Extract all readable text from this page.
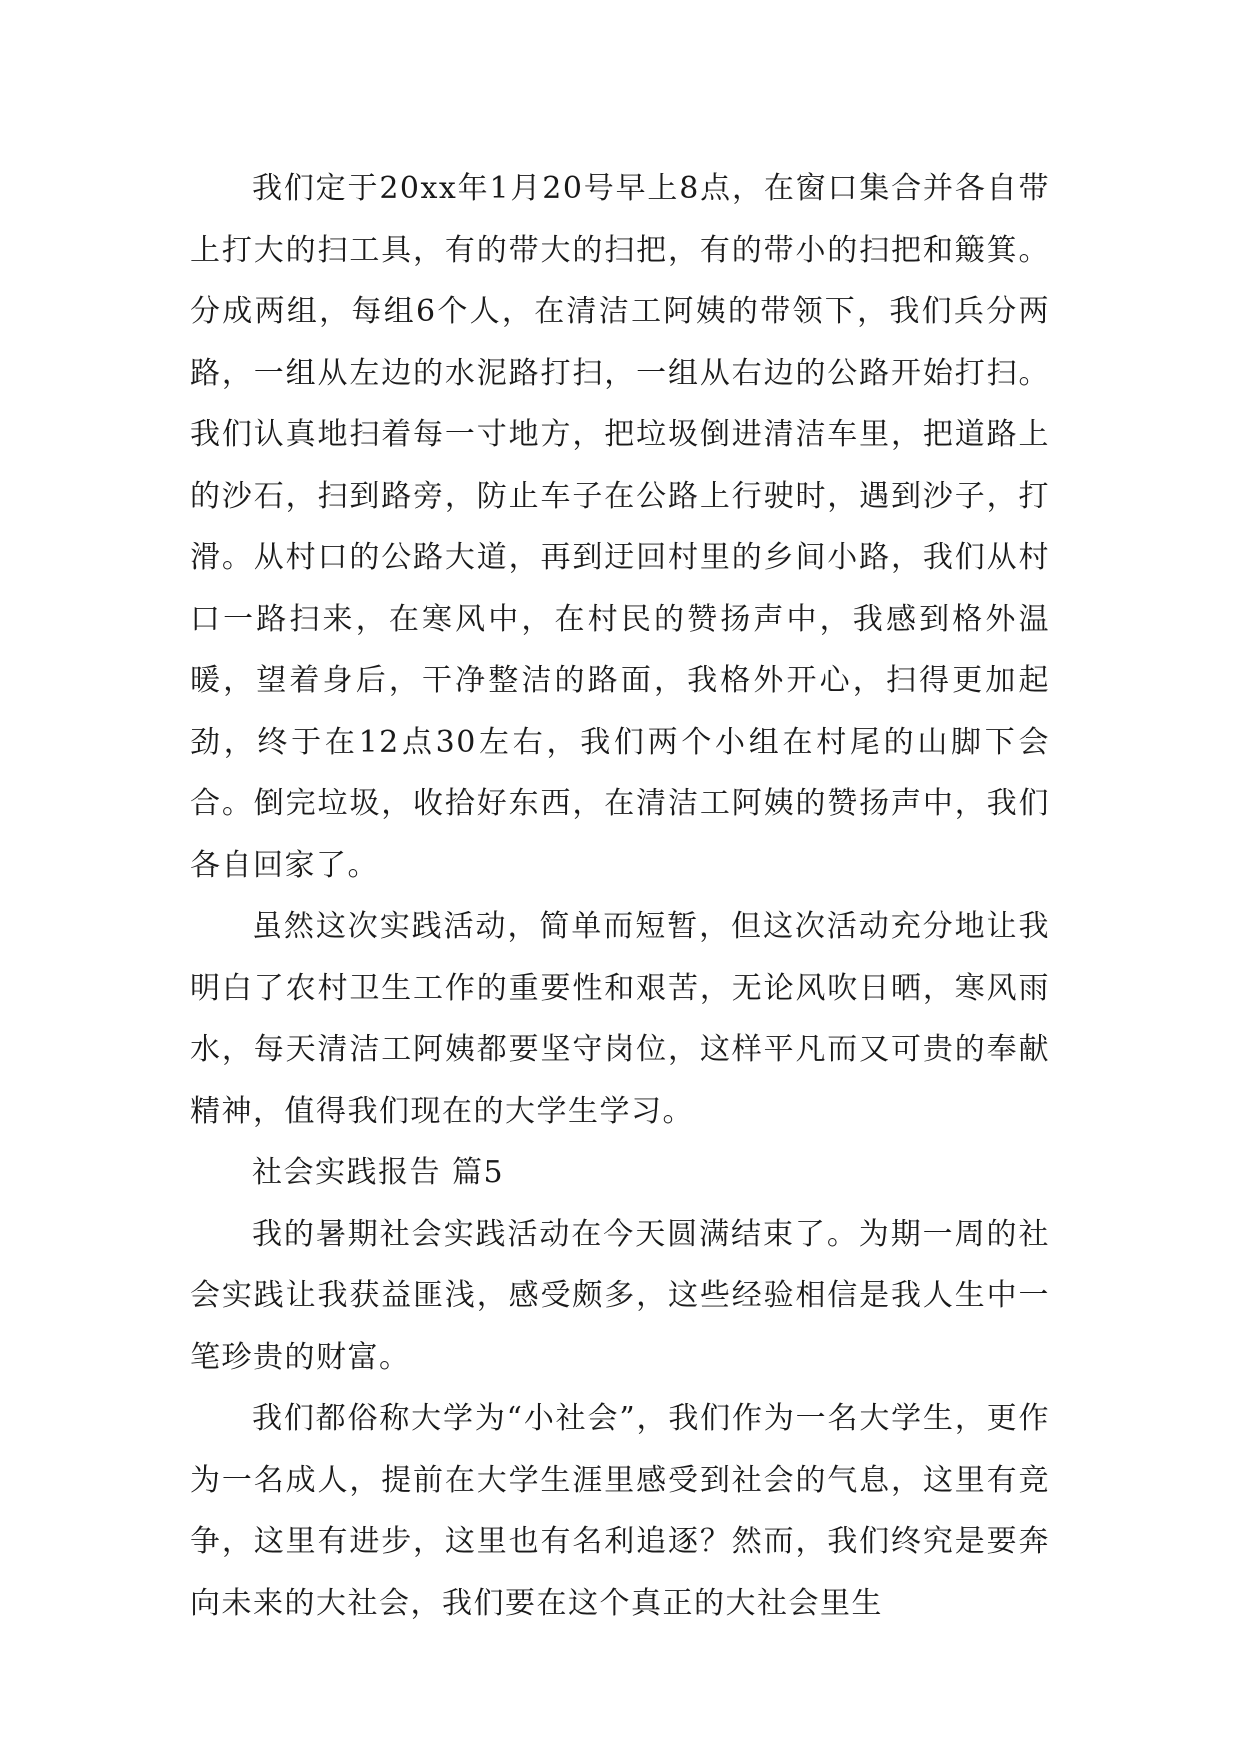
我们定于20xx年1月20号早上8点，在窗口集合并各自带上打大的扫工具，有的带大的扫把，有的带小的扫把和簸箕。分成两组，每组6个人，在清洁工阿姨的带领下，我们兵分两路，一组从左边的水泥路打扫，一组从右边的公路开始打扫。我们认真地扫着每一寸地方，把垃圾倒进清洁车里，把道路上的沙石，扫到路旁，防止车子在公路上行驶时，遇到沙子，打滑。从村口的公路大道，再到迂回村里的乡间小路，我们从村口一路扫来，在寒风中，在村民的赞扬声中，我感到格外温暖，望着身后，干净整洁的路面，我格外开心，扫得更加起劲，终于在12点30左右，我们两个小组在村尾的山脚下会合。倒完垃圾，收拾好东西，在清洁工阿姨的赞扬声中，我们各自回家了。

虽然这次实践活动，简单而短暂，但这次活动充分地让我明白了农村卫生工作的重要性和艰苦，无论风吹日晒，寒风雨水，每天清洁工阿姨都要坚守岗位，这样平凡而又可贵的奉献精神，值得我们现在的大学生学习。

社会实践报告 篇5

我的暑期社会实践活动在今天圆满结束了。为期一周的社会实践让我获益匪浅，感受颇多，这些经验相信是我人生中一笔珍贵的财富。

我们都俗称大学为“小社会”，我们作为一名大学生，更作为一名成人，提前在大学生涯里感受到社会的气息，这里有竞争，这里有进步，这里也有名利追逐？然而，我们终究是要奔向未来的大社会，我们要在这个真正的大社会里生
